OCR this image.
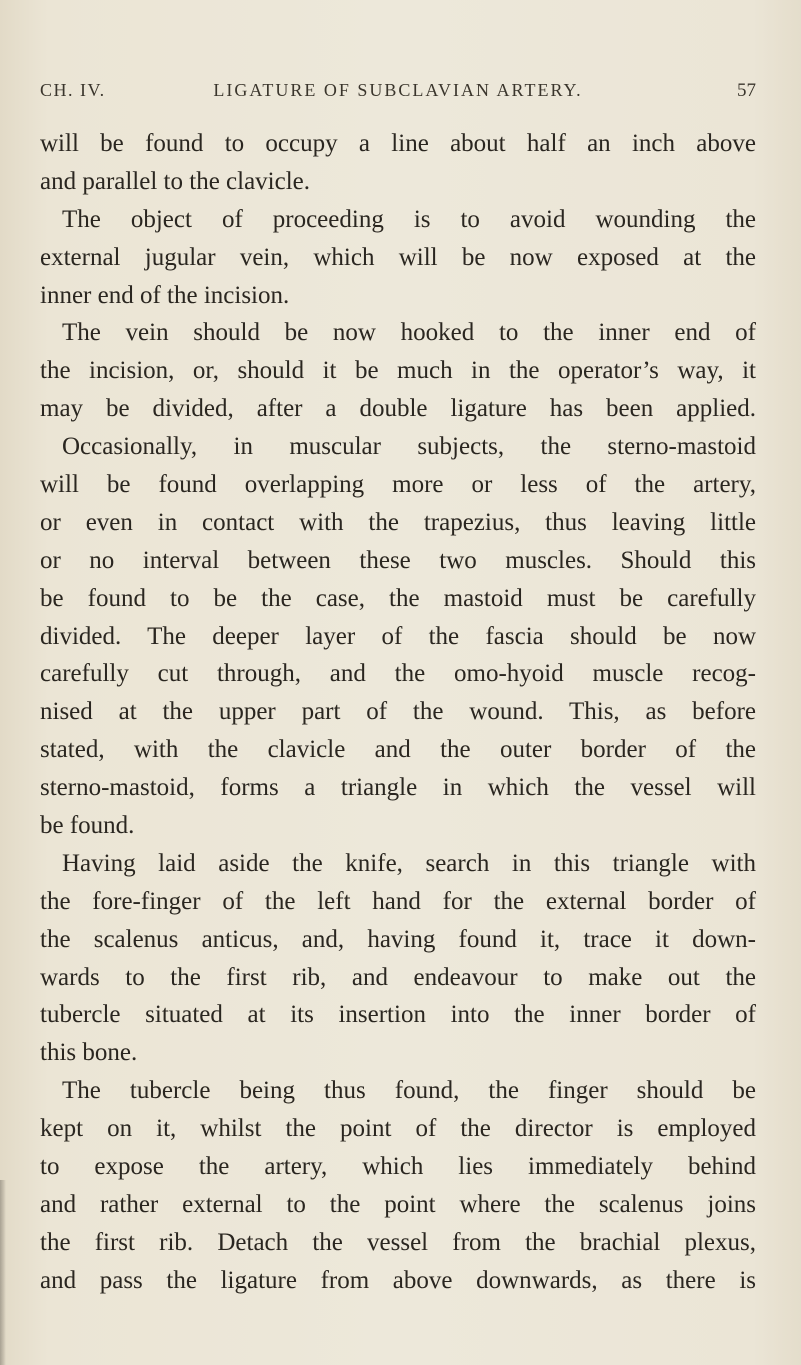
CH. IV.	LIGATURE OF SUBCLAVIAN ARTERY.	57
will be found to occupy a line about half an inch above
and parallel to the clavicle.
The object of proceeding is to avoid wounding the
external jugular vein, which will be now exposed at the
inner end of the incision.
The vein should be now hooked to the inner end of
the incision, or, should it be much in the operator’s way, it
may be divided, after a double ligature has been applied.
Occasionally, in muscular subjects, the sterno-mastoid
will be found overlapping more or less of the artery,
or even in contact with the trapezius, thus leaving little
or no interval between these two muscles. Should this
be found to be the case, the mastoid must be carefully
divided. The deeper layer of the fascia should be now
carefully cut through, and the omo-hyoid muscle recog-
nised at the upper part of the wound. This, as before
stated, with the clavicle and the outer border of the
sterno-mastoid, forms a triangle in which the vessel will
be found.
Having laid aside the knife, search in this triangle with
the fore-finger of the left hand for the external border of
the scalenus anticus, and, having found it, trace it down-
wards to the first rib, and endeavour to make out the
tubercle situated at its insertion into the inner border of
this bone.
The tubercle being thus found, the finger should be
kept on it, whilst the point of the director is employed
to expose the artery, which lies immediately behind
and rather external to the point where the scalenus joins
the first rib. Detach the vessel from the brachial plexus,
and pass the ligature from above downwards, as there is
